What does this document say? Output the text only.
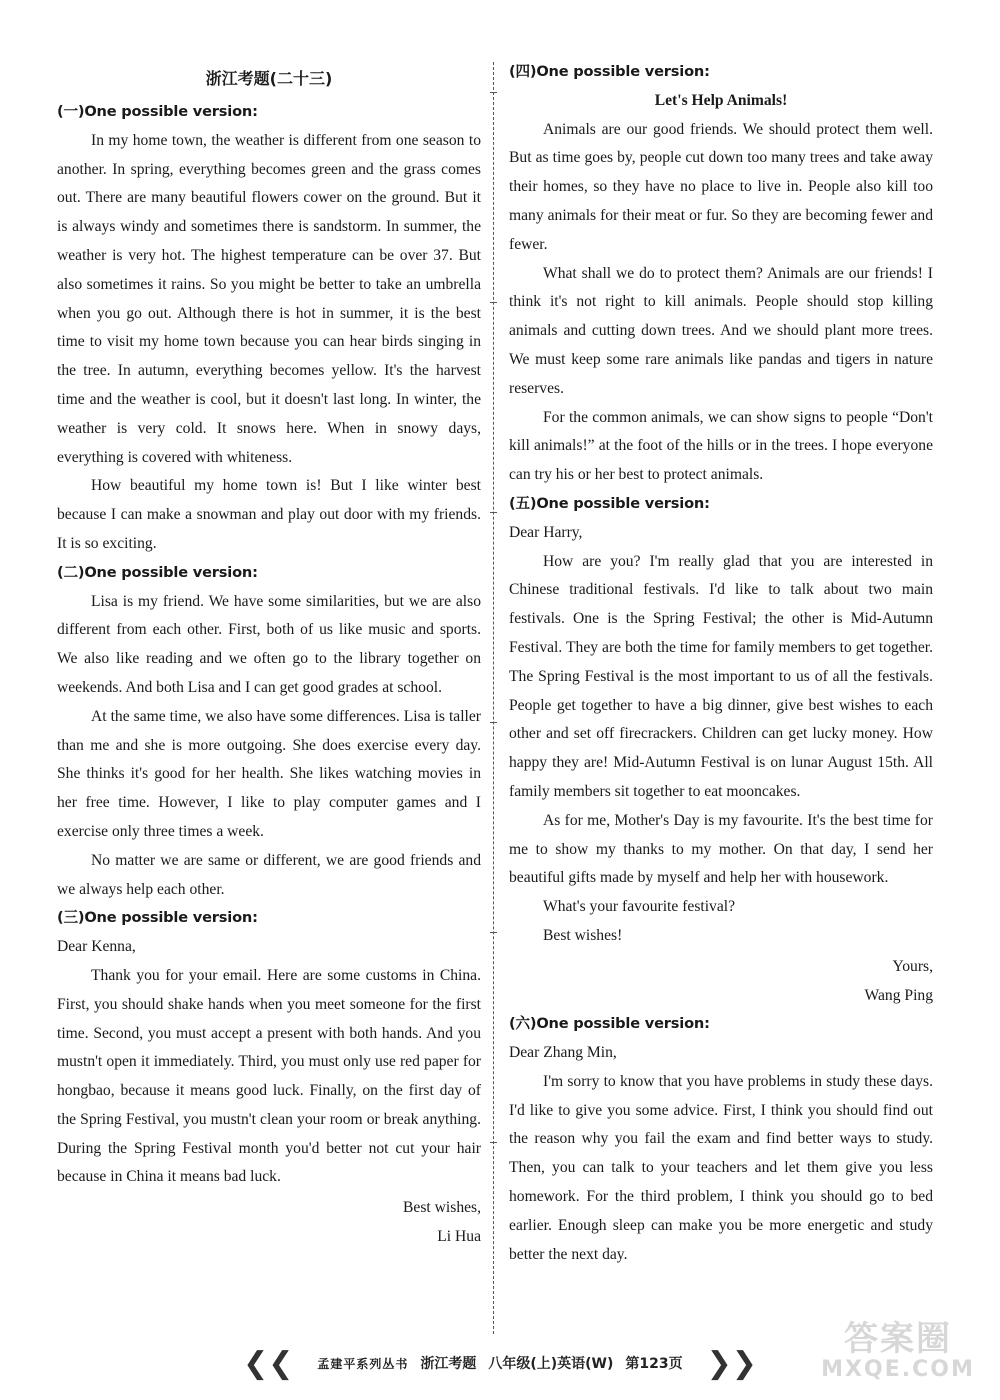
浙江考题(二十三)
(一)One possible version:

In my home town, the weather is different from one season to another. In spring, everything becomes green and the grass comes out. There are many beautiful flowers cower on the ground. But it is always windy and sometimes there is sandstorm. In summer, the weather is very hot. The highest temperature can be over 37. But also sometimes it rains. So you might be better to take an umbrella when you go out. Although there is hot in summer, it is the best time to visit my home town because you can hear birds singing in the tree. In autumn, everything becomes yellow. It's the harvest time and the weather is cool, but it doesn't last long. In winter, the weather is very cold. It snows here. When in snowy days, everything is covered with whiteness.

How beautiful my home town is! But I like winter best because I can make a snowman and play out door with my friends. It is so exciting.

(二)One possible version:

Lisa is my friend. We have some similarities, but we are also different from each other. First, both of us like music and sports. We also like reading and we often go to the library together on weekends. And both Lisa and I can get good grades at school.

At the same time, we also have some differences. Lisa is taller than me and she is more outgoing. She does exercise every day. She thinks it's good for her health. She likes watching movies in her free time. However, I like to play computer games and I exercise only three times a week.

No matter we are same or different, we are good friends and we always help each other.

(三)One possible version:

Dear Kenna,

Thank you for your email. Here are some customs in China. First, you should shake hands when you meet someone for the first time. Second, you must accept a present with both hands. And you mustn't open it immediately. Third, you must only use red paper for hongbao, because it means good luck. Finally, on the first day of the Spring Festival, you mustn't clean your room or break anything. During the Spring Festival month you'd better not cut your hair because in China it means bad luck.

Best wishes,

Li Hua

(四)One possible version:
Let's Help Animals!

Animals are our good friends. We should protect them well. But as time goes by, people cut down too many trees and take away their homes, so they have no place to live in. People also kill too many animals for their meat or fur. So they are becoming fewer and fewer.

What shall we do to protect them? Animals are our friends! I think it's not right to kill animals. People should stop killing animals and cutting down trees. And we should plant more trees. We must keep some rare animals like pandas and tigers in nature reserves.

For the common animals, we can show signs to people “Don't kill animals!” at the foot of the hills or in the trees. I hope everyone can try his or her best to protect animals.

(五)One possible version:

Dear Harry,

How are you? I'm really glad that you are interested in Chinese traditional festivals. I'd like to talk about two main festivals. One is the Spring Festival; the other is Mid-Autumn Festival. They are both the time for family members to get together. The Spring Festival is the most important to us of all the festivals. People get together to have a big dinner, give best wishes to each other and set off firecrackers. Children can get lucky money. How happy they are! Mid-Autumn Festival is on lunar August 15th. All family members sit together to eat mooncakes.

As for me, Mother's Day is my favourite. It's the best time for me to show my thanks to my mother. On that day, I send her beautiful gifts made by myself and help her with housework.

What's your favourite festival?

Best wishes!

Yours,

Wang Ping

(六)One possible version:

Dear Zhang Min,

I'm sorry to know that you have problems in study these days. I'd like to give you some advice. First, I think you should find out the reason why you fail the exam and find better ways to study. Then, you can talk to your teachers and let them give you less homework. For the third problem, I think you should go to bed earlier. Enough sleep can make you be more energetic and study better the next day.

❮❮ 孟建平系列丛书 浙江考题 八年级(上)英语(W) 第123页 ❯❯
答案圈
MXQE.COM
